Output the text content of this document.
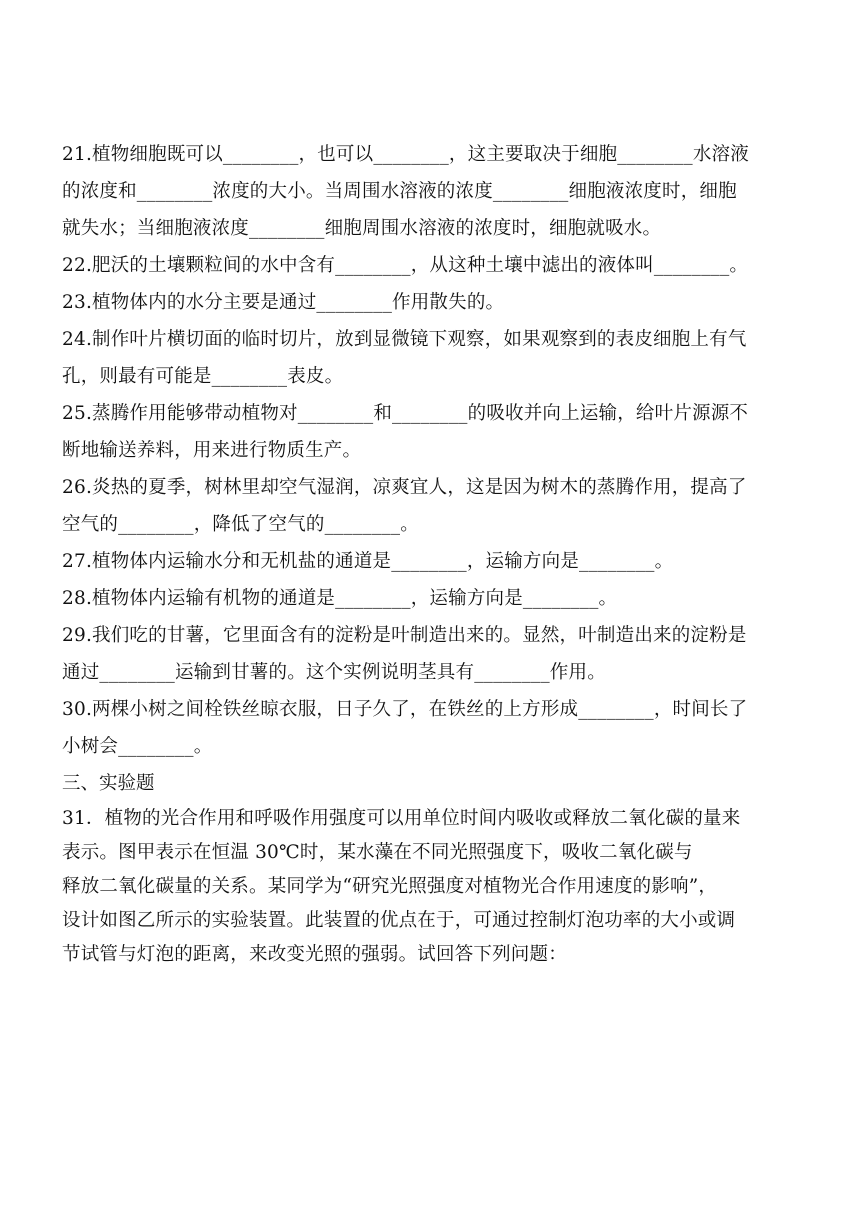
21.植物细胞既可以________，也可以________，这主要取决于细胞________水溶液
的浓度和________浓度的大小。当周围水溶液的浓度________细胞液浓度时，细胞
就失水；当细胞液浓度________细胞周围水溶液的浓度时，细胞就吸水。
22.肥沃的土壤颗粒间的水中含有________，从这种土壤中滤出的液体叫________。
23.植物体内的水分主要是通过________作用散失的。
24.制作叶片横切面的临时切片，放到显微镜下观察，如果观察到的表皮细胞上有气
孔，则最有可能是________表皮。
25.蒸腾作用能够带动植物对________和________的吸收并向上运输，给叶片源源不
断地输送养料，用来进行物质生产。
26.炎热的夏季，树林里却空气湿润，凉爽宜人，这是因为树木的蒸腾作用，提高了
空气的________，降低了空气的________。
27.植物体内运输水分和无机盐的通道是________，运输方向是________。
28.植物体内运输有机物的通道是________，运输方向是________。
29.我们吃的甘薯，它里面含有的淀粉是叶制造出来的。显然，叶制造出来的淀粉是
通过________运输到甘薯的。这个实例说明茎具有________作用。
30.两棵小树之间栓铁丝晾衣服，日子久了，在铁丝的上方形成________，时间长了
小树会________。
三、实验题
31．植物的光合作用和呼吸作用强度可以用单位时间内吸收或释放二氧化碳的量来
表示。图甲表示在恒温 30℃时，某水藻在不同光照强度下，吸收二氧化碳与
释放二氧化碳量的关系。某同学为“研究光照强度对植物光合作用速度的影响”，
设计如图乙所示的实验装置。此装置的优点在于，可通过控制灯泡功率的大小或调
节试管与灯泡的距离，来改变光照的强弱。试回答下列问题：
